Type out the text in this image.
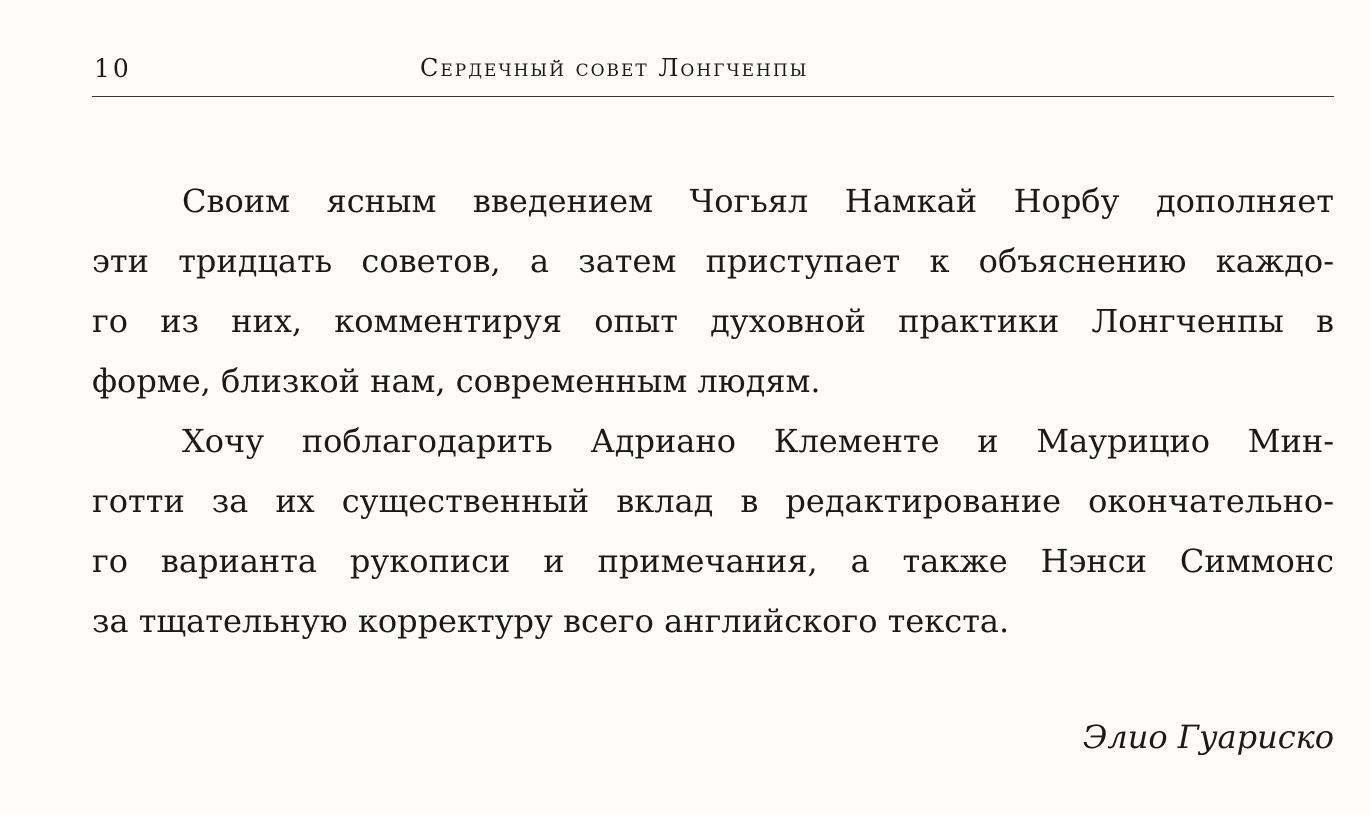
10	Сердечный совет Лонгченпы
Своим ясным введением Чогьял Намкай Норбу дополняет
эти тридцать советов, а затем приступает к объяснению каждо-
го из них, комментируя опыт духовной практики Лонгченпы в
форме, близкой нам, современным людям.
Хочу поблагодарить Адриано Клементе и Маурицио Мин-
готти за их существенный вклад в редактирование окончательно-
го варианта рукописи и примечания, а также Нэнси Симмонс
за тщательную корректуру всего английского текста.
Элио Гуариско
